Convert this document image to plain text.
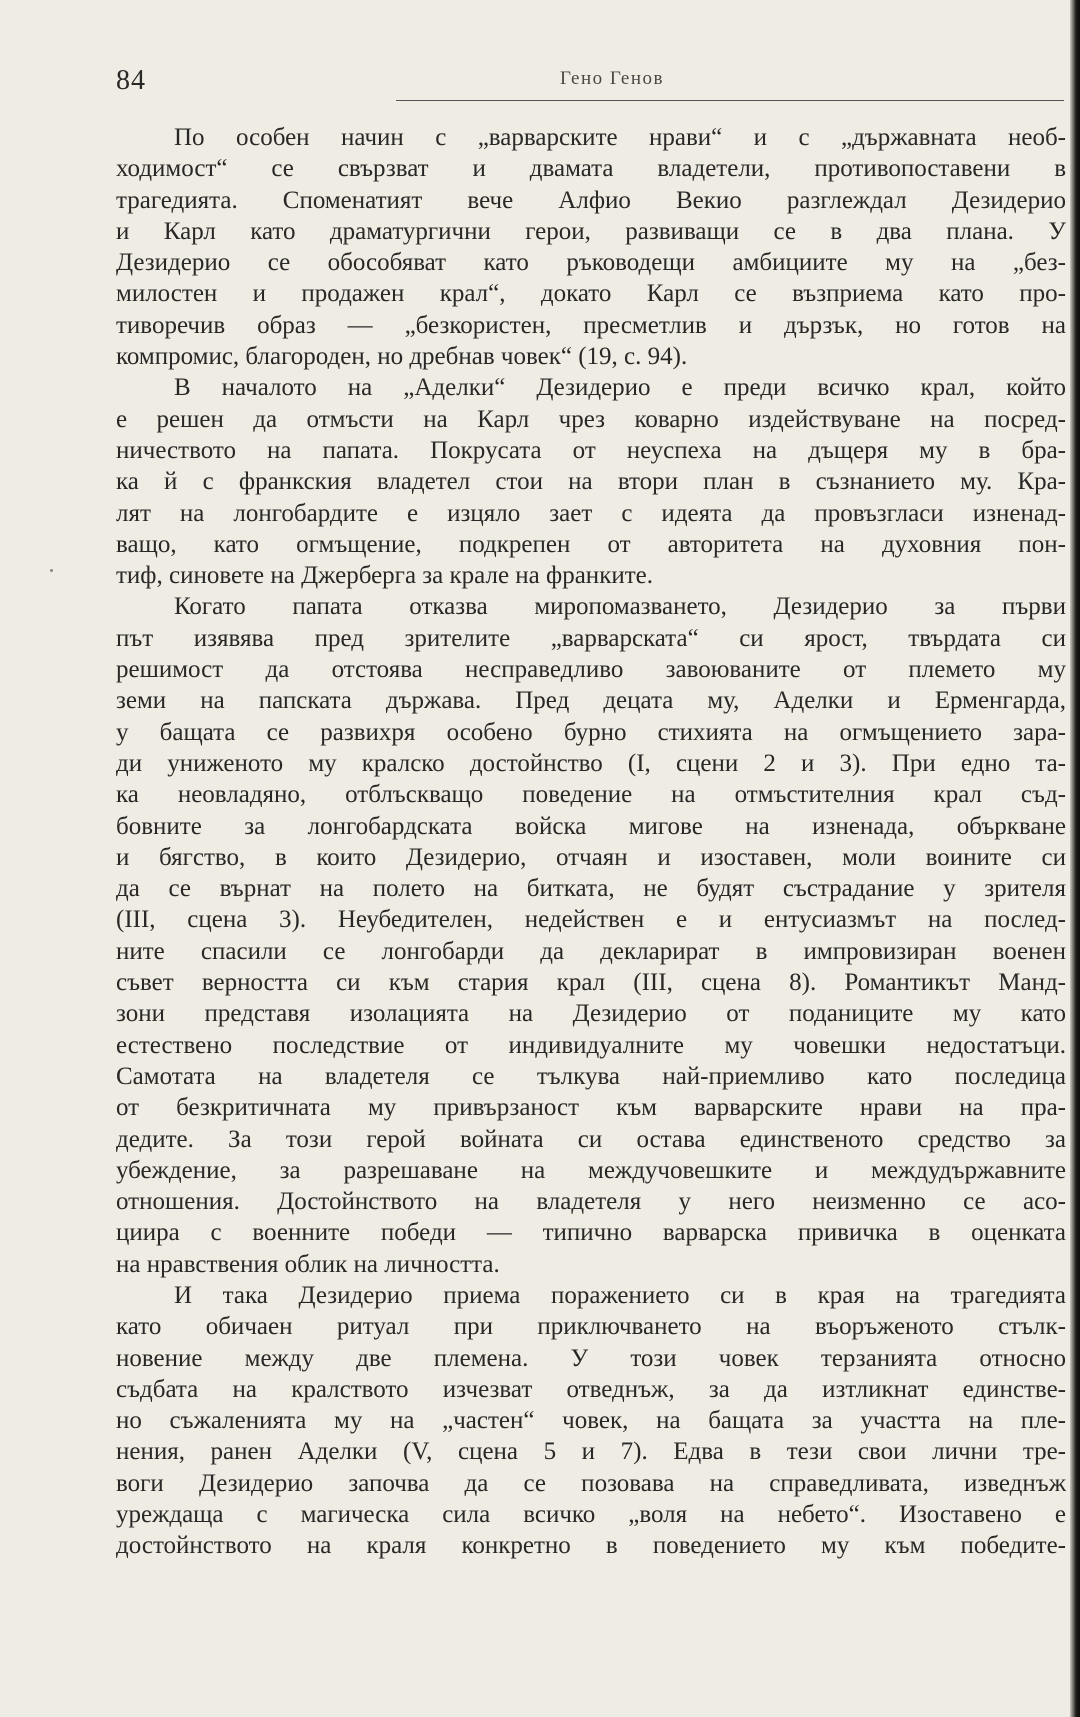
84	Гено Генов
По особен начин с „варварските нрави“ и с „държавната необ-
ходимост“ се свързват и двамата владетели, противопоставени в
трагедията. Споменатият вече Алфио Векио разглеждал Дезидерио
и Карл като драматургични герои, развиващи се в два плана. У
Дезидерио се обособяват като ръководещи амбициите му на „без-
милостен и продажен крал“, докато Карл се възприема като про-
тиворечив образ — „безкористен, пресметлив и дързък, но готов на
компромис, благороден, но дребнав човек“ (19, с. 94).
В началото на „Аделки“ Дезидерио е преди всичко крал, който
е решен да отмъсти на Карл чрез коварно издействуване на посред-
ничеството на папата. Покрусата от неуспеха на дъщеря му в бра-
ка й с франкския владетел стои на втори план в съзнанието му. Кра-
лят на лонгобардите е изцяло зает с идеята да провъзгласи изненад-
ващо, като огмъщение, подкрепен от авторитета на духовния пон-
тиф, синовете на Джерберга за крале на франките.
Когато папата отказва миропомазването, Дезидерио за първи
път изявява пред зрителите „варварската“ си ярост, твърдата си
решимост да отстоява несправедливо завоюваните от племето му
земи на папската държава. Пред децата му, Аделки и Ерменгарда,
у бащата се развихря особено бурно стихията на огмъщението зара-
ди униженото му кралско достойнство (I, сцени 2 и 3). При едно та-
ка неовладяно, отблъскващо поведение на отмъстителния крал съд-
бовните за лонгобардската войска мигове на изненада, объркване
и бягство, в които Дезидерио, отчаян и изоставен, моли воините си
да се върнат на полето на битката, не будят състрадание у зрителя
(III, сцена 3). Неубедителен, недействен е и ентусиазмът на послед-
ните спасили се лонгобарди да декларират в импровизиран военен
съвет верността си към стария крал (III, сцена 8). Романтикът Манд-
зони представя изолацията на Дезидерио от поданиците му като
естествено последствие от индивидуалните му човешки недостатъци.
Самотата на владетеля се тълкува най-приемливо като последица
от безкритичната му привързаност към варварските нрави на пра-
дедите. За този герой войната си остава единственото средство за
убеждение, за разрешаване на междучовешките и междудържавните
отношения. Достойнството на владетеля у него неизменно се асо-
циира с военните победи — типично варварска привичка в оценката
на нравствения облик на личността.
И така Дезидерио приема поражението си в края на трагедията
като обичаен ритуал при приключването на въоръженото стълк-
новение между две племена. У този човек терзанията относно
съдбата на кралството изчезват отведнъж, за да изтликнат единстве-
но съжаленията му на „частен“ човек, на бащата за участта на пле-
нения, ранен Аделки (V, сцена 5 и 7). Едва в тези свои лични тре-
воги Дезидерио започва да се позовава на справедливата, изведнъж
уреждаща с магическа сила всичко „воля на небето“. Изоставено е
достойнството на краля конкретно в поведението му към победите-
